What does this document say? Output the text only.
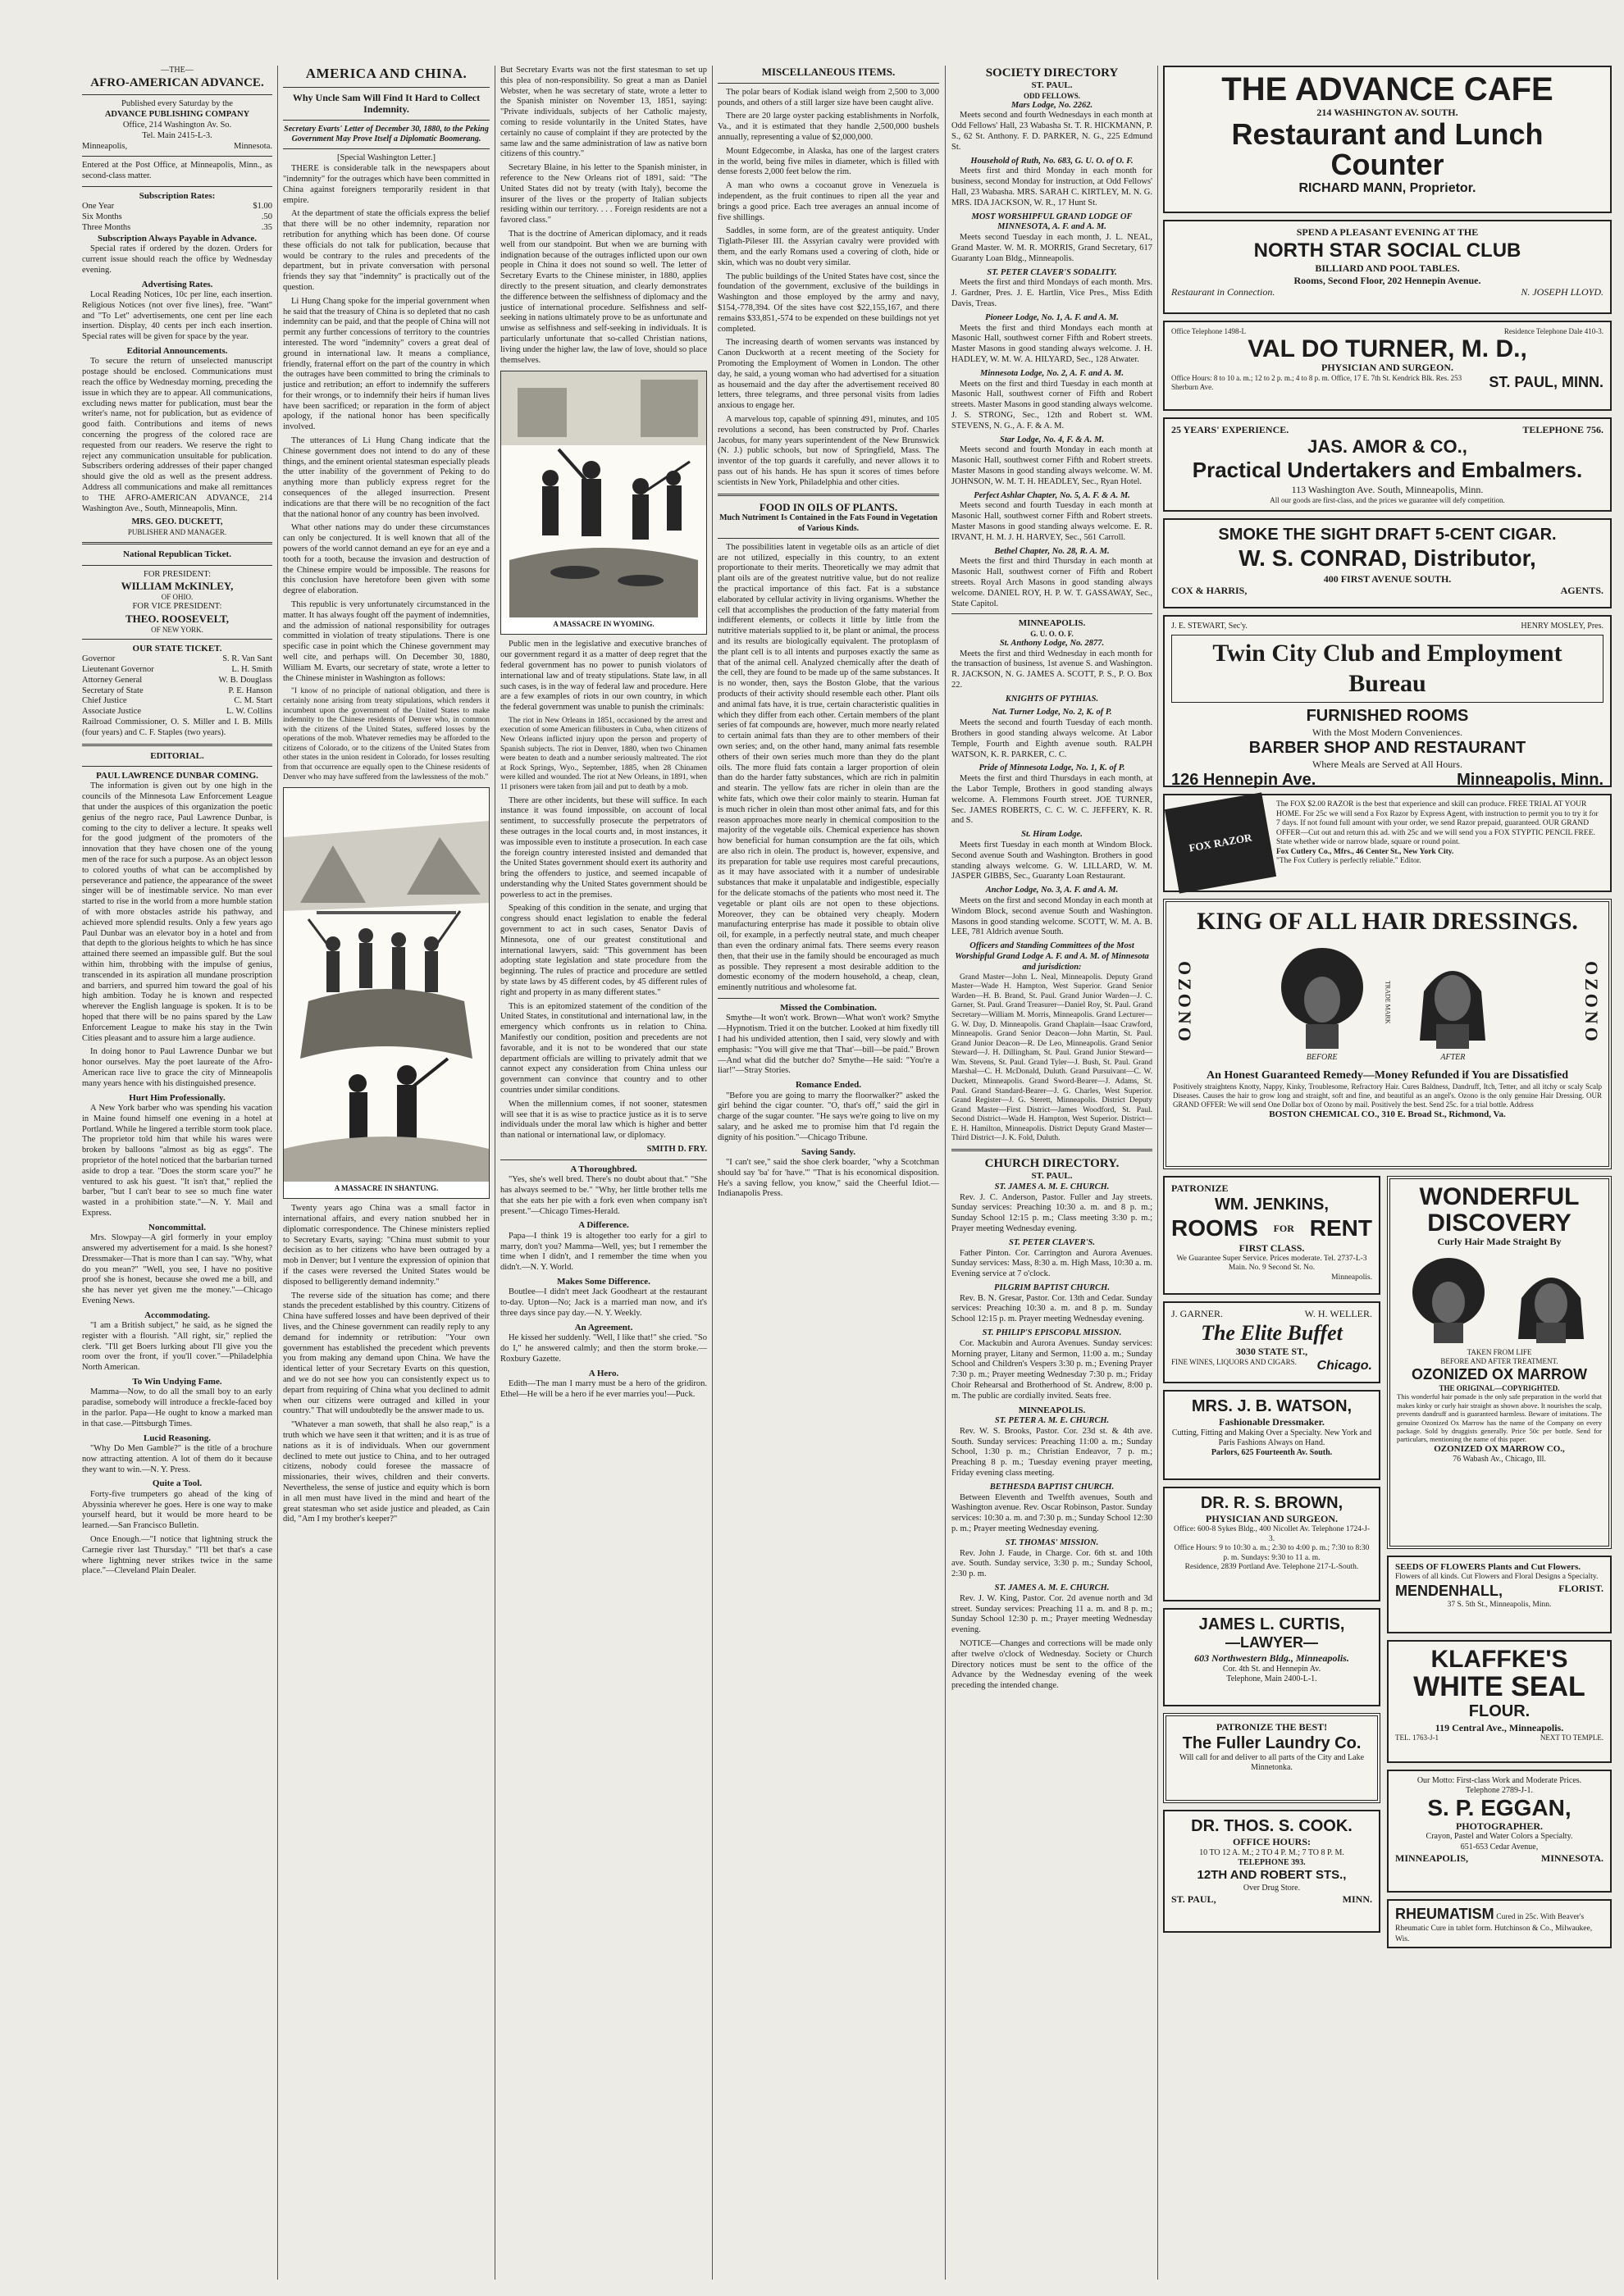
—THE—
AFRO-AMERICAN ADVANCE.
Published every Saturday by the
ADVANCE PUBLISHING COMPANY
Office, 214 Washington Av. So.
Tel. Main 2415-L-3.
Minneapolis,	Minnesota.

Entered at the Post Office, at Minneapolis, Minn., as second-class matter.

Subscription Rates:
One Year	$1.00
Six Months	.50
Three Months	.35
Subscription Always Payable in Advance.

Special rates if ordered by the dozen. Orders for current issue should reach the office by Wednesday evening.

Advertising Rates.

Local Reading Notices, 10c per line, each insertion. Religious Notices (not over five lines), free. "Want" and "To Let" advertisements, one cent per line each insertion. Display, 40 cents per inch each insertion. Special rates will be given for space by the year.

Editorial Announcements.

To secure the return of unselected manuscript postage should be enclosed. Communications must reach the office by Wednesday morning, preceding the issue in which they are to appear. All communications, excluding news matter for publication, must bear the writer's name, not for publication, but as evidence of good faith. Contributions and items of news concerning the progress of the colored race are requested from our readers. We reserve the right to reject any communication unsuitable for publication. Subscribers ordering addresses of their paper changed should give the old as well as the present address. Address all communications and make all remittances to THE AFRO-AMERICAN ADVANCE, 214 Washington Ave., South, Minneapolis, Minn.

MRS. GEO. DUCKETT,
PUBLISHER AND MANAGER.
National Republican Ticket.
FOR PRESIDENT:
WILLIAM McKINLEY,
OF OHIO.
FOR VICE PRESIDENT:
THEO. ROOSEVELT,
OF NEW YORK.
OUR STATE TICKET.
Governor	S. R. Van Sant
Lieutenant Governor	L. H. Smith
Attorney General	W. B. Douglass
Secretary of State	P. E. Hanson
Chief Justice	C. M. Start
Associate Justice	L. W. Collins

Railroad Commissioner, O. S. Miller and I. B. Mills (four years) and C. F. Staples (two years).

EDITORIAL.
PAUL LAWRENCE DUNBAR COMING.

The information is given out by one high in the councils of the Minnesota Law Enforcement League that under the auspices of this organization the poetic genius of the negro race, Paul Lawrence Dunbar, is coming to the city to deliver a lecture. It speaks well for the good judgment of the promoters of the innovation that they have chosen one of the young men of the race for such a purpose. As an object lesson to colored youths of what can be accomplished by perseverance and patience, the appearance of the sweet singer will be of inestimable service. No man ever started to rise in the world from a more humble station of with more obstacles astride his pathway, and achieved more splendid results. Only a few years ago Paul Dunbar was an elevator boy in a hotel and from that depth to the glorious heights to which he has since attained there seemed an impassible gulf. But the soul within him, throbbing with the impulse of genius, transcended in its aspiration all mundane proscription and barriers, and spurred him toward the goal of his high ambition. Today he is known and respected wherever the English language is spoken. It is to be hoped that there will be no pains spared by the Law Enforcement League to make his stay in the Twin Cities pleasant and to assure him a large audience.

In doing honor to Paul Lawrence Dunbar we but honor ourselves. May the poet laureate of the Afro-American race live to grace the city of Minneapolis many years hence with his distinguished presence.

Hurt Him Professionally.

A New York barber who was spending his vacation in Maine found himself one evening in a hotel at Portland. While he lingered a terrible storm took place. The proprietor told him that while his wares were broken by balloons "almost as big as eggs". The proprietor of the hotel noticed that the barbarian turned aside to drop a tear. "Does the storm scare you?" he ventured to ask his guest. "It isn't that," replied the barber, "but I can't bear to see so much fine water wasted in a prohibition state."—N. Y. Mail and Express.

Noncommittal.

Mrs. Slowpay—A girl formerly in your employ answered my advertisement for a maid. Is she honest? Dressmaker—That is more than I can say. "Why, what do you mean?" "Well, you see, I have no positive proof she is honest, because she owed me a bill, and she has never yet given me the money."—Chicago Evening News.

Accommodating.

"I am a British subject," he said, as he signed the register with a flourish. "All right, sir," replied the clerk. "I'll get Boers lurking about I'll give you the room over the front, if you'll cover."—Philadelphia North American.

To Win Undying Fame.

Mamma—Now, to do all the small boy to an early paradise, somebody will introduce a freckle-faced boy in the parlor. Papa—He ought to know a marked man in that case.—Pittsburgh Times.

Lucid Reasoning.

"Why Do Men Gamble?" is the title of a brochure now attracting attention. A lot of them do it because they want to win.—N. Y. Press.

Quite a Tool.

Forty-five trumpeters go ahead of the king of Abyssinia wherever he goes. Here is one way to make yourself heard, but it would be more heard to be learned.—San Francisco Bulletin.

Once Enough.—"I notice that lightning struck the Carnegie river last Thursday." "I'll bet that's a case where lightning never strikes twice in the same place."—Cleveland Plain Dealer.

AMERICA AND CHINA.
Why Uncle Sam Will Find It Hard to Collect Indemnity.
Secretary Evarts' Letter of December 30, 1880, to the Peking Government May Prove Itself a Diplomatic Boomerang.
[Special Washington Letter.]

THERE is considerable talk in the newspapers about "indemnity" for the outrages which have been committed in China against foreigners temporarily resident in that empire.

At the department of state the officials express the belief that there will be no other indemnity, reparation nor retribution for anything which has been done. Of course these officials do not talk for publication, because that would be contrary to the rules and precedents of the department, but in private conversation with personal friends they say that "indemnity" is practically out of the question.

Li Hung Chang spoke for the imperial government when he said that the treasury of China is so depleted that no cash indemnity can be paid, and that the people of China will not permit any further concessions of territory to the countries interested. The word "indemnity" covers a great deal of ground in international law. It means a compliance, friendly, fraternal effort on the part of the country in which the outrages have been committed to bring the criminals to justice and retribution; an effort to indemnify the sufferers for their wrongs, or to indemnify their heirs if human lives have been sacrificed; or reparation in the form of abject apology, if the national honor has been specifically involved.

The utterances of Li Hung Chang indicate that the Chinese government does not intend to do any of these things, and the eminent oriental statesman especially pleads the utter inability of the government of Peking to do anything more than publicly express regret for the consequences of the alleged insurrection. Present indications are that there will be no recognition of the fact that the national honor of any country has been involved.

What other nations may do under these circumstances can only be conjectured. It is well known that all of the powers of the world cannot demand an eye for an eye and a tooth for a tooth, because the invasion and destruction of the Chinese empire would be impossible. The reasons for this conclusion have heretofore been given with some degree of elaboration.

This republic is very unfortunately circumstanced in the matter. It has always fought off the payment of indemnities, and the admission of national responsibility for outrages committed in violation of treaty stipulations. There is one specific case in point which the Chinese government may well cite, and perhaps will. On December 30, 1880, William M. Evarts, our secretary of state, wrote a letter to the Chinese minister in Washington as follows:

"I know of no principle of national obligation, and there is certainly none arising from treaty stipulations, which renders it incumbent upon the government of the United States to make indemnity to the Chinese residents of Denver who, in common with the citizens of the United States, suffered losses by the operations of the mob. Whatever remedies may be afforded to the citizens of Colorado, or to the citizens of the United States from other states in the union resident in Colorado, for losses resulting from that occurrence are equally open to the Chinese residents of Denver who may have suffered from the lawlessness of the mob."

A MASSACRE IN SHANTUNG.

Twenty years ago China was a small factor in international affairs, and every nation snubbed her in diplomatic correspondence. The Chinese ministers replied to Secretary Evarts, saying: "China must submit to your decision as to her citizens who have been outraged by a mob in Denver; but I venture the expression of opinion that if the cases were reversed the United States would be disposed to belligerently demand indemnity."

The reverse side of the situation has come; and there stands the precedent established by this country. Citizens of China have suffered losses and have been deprived of their lives, and the Chinese government can readily reply to any demand for indemnity or retribution: "Your own government has established the precedent which prevents you from making any demand upon China. We have the identical letter of your Secretary Evarts on this question, and we do not see how you can consistently expect us to depart from requiring of China what you declined to admit when our citizens were outraged and killed in your country." That will undoubtedly be the answer made to us.

"Whatever a man soweth, that shall he also reap," is a truth which we have seen it that written; and it is as true of nations as it is of individuals. When our government declined to mete out justice to China, and to her outraged citizens, nobody could foresee the massacre of missionaries, their wives, children and their converts. Nevertheless, the sense of justice and equity which is born in all men must have lived in the mind and heart of the great statesman who set aside justice and pleaded, as Cain did, "Am I my brother's keeper?"

But Secretary Evarts was not the first statesman to set up this plea of non-responsibility. So great a man as Daniel Webster, when he was secretary of state, wrote a letter to the Spanish minister on November 13, 1851, saying: "Private individuals, subjects of her Catholic majesty, coming to reside voluntarily in the United States, have certainly no cause of complaint if they are protected by the same law and the same administration of law as native born citizens of this country."

Secretary Blaine, in his letter to the Spanish minister, in reference to the New Orleans riot of 1891, said: "The United States did not by treaty (with Italy), become the insurer of the lives or the property of Italian subjects residing within our territory. . . . Foreign residents are not a favored class."

That is the doctrine of American diplomacy, and it reads well from our standpoint. But when we are burning with indignation because of the outrages inflicted upon our own people in China it does not sound so well. The letter of Secretary Evarts to the Chinese minister, in 1880, applies directly to the present situation, and clearly demonstrates the difference between the selfishness of diplomacy and the justice of international procedure. Selfishness and self-seeking in nations ultimately prove to be as unfortunate and unwise as selfishness and self-seeking in individuals. It is particularly unfortunate that so-called Christian nations, living under the higher law, the law of love, should so place themselves.

A MASSACRE IN WYOMING.

Public men in the legislative and executive branches of our government regard it as a matter of deep regret that the federal government has no power to punish violators of international law and of treaty stipulations. State law, in all such cases, is in the way of federal law and procedure. Here are a few examples of riots in our own country, in which the federal government was unable to punish the criminals:

The riot in New Orleans in 1851, occasioned by the arrest and execution of some American filibusters in Cuba, when citizens of New Orleans inflicted injury upon the person and property of Spanish subjects. The riot in Denver, 1880, when two Chinamen were beaten to death and a number seriously maltreated. The riot at Rock Springs, Wyo., September, 1885, when 28 Chinamen were killed and wounded. The riot at New Orleans, in 1891, when 11 prisoners were taken from jail and put to death by a mob.

There are other incidents, but these will suffice. In each instance it was found impossible, on account of local sentiment, to successfully prosecute the perpetrators of these outrages in the local courts and, in most instances, it was impossible even to institute a prosecution. In each case the foreign country interested insisted and demanded that the United States government should exert its authority and bring the offenders to justice, and seemed incapable of understanding why the United States government should be powerless to act in the premises.

Speaking of this condition in the senate, and urging that congress should enact legislation to enable the federal government to act in such cases, Senator Davis of Minnesota, one of our greatest constitutional and international lawyers, said: "This government has been adopting state legislation and state procedure from the beginning. The rules of practice and procedure are settled by state laws by 45 different codes, by 45 different rules of right and property in as many different states."

This is an epitomized statement of the condition of the United States, in constitutional and international law, in the emergency which confronts us in relation to China. Manifestly our condition, position and precedents are not favorable, and it is not to be wondered that our state department officials are willing to privately admit that we cannot expect any consideration from China unless our government can convince that country and to other countries under similar conditions.

When the millennium comes, if not sooner, statesmen will see that it is as wise to practice justice as it is to serve individuals under the moral law which is higher and better than national or international law, or diplomacy.

SMITH D. FRY.
A Thoroughbred.

"Yes, she's well bred. There's no doubt about that." "She has always seemed to be." "Why, her little brother tells me that she eats her pie with a fork even when company isn't present."—Chicago Times-Herald.

A Difference.

Papa—I think 19 is altogether too early for a girl to marry, don't you? Mamma—Well, yes; but I remember the time when I didn't, and I remember the time when you didn't.—N. Y. World.

Makes Some Difference.

Boutlee—I didn't meet Jack Goodheart at the restaurant to-day. Upton—No; Jack is a married man now, and it's three days since pay day.—N. Y. Weekly.

An Agreement.

He kissed her suddenly. "Well, I like that!" she cried. "So do I," he answered calmly; and then the storm broke.—Roxbury Gazette.

A Hero.

Edith—The man I marry must be a hero of the gridiron. Ethel—He will be a hero if he ever marries you!—Puck.

MISCELLANEOUS ITEMS.

The polar bears of Kodiak island weigh from 2,500 to 3,000 pounds, and others of a still larger size have been caught alive.

There are 20 large oyster packing establishments in Norfolk, Va., and it is estimated that they handle 2,500,000 bushels annually, representing a value of $2,000,000.

Mount Edgecombe, in Alaska, has one of the largest craters in the world, being five miles in diameter, which is filled with dense forests 2,000 feet below the rim.

A man who owns a cocoanut grove in Venezuela is independent, as the fruit continues to ripen all the year and brings a good price. Each tree averages an annual income of five shillings.

Saddles, in some form, are of the greatest antiquity. Under Tiglath-Pileser III. the Assyrian cavalry were provided with them, and the early Romans used a covering of cloth, hide or skin, which was no doubt very similar.

The public buildings of the United States have cost, since the foundation of the government, exclusive of the buildings in Washington and those employed by the army and navy, $154,-778,394. Of the sites have cost $22,155,167, and there remains $33,851,-574 to be expended on these buildings not yet completed.

The increasing dearth of women servants was instanced by Canon Duckworth at a recent meeting of the Society for Promoting the Employment of Women in London. The other day, he said, a young woman who had advertised for a situation as housemaid and the day after the advertisement received 80 letters, three telegrams, and three personal visits from ladies anxious to engage her.

A marvelous top, capable of spinning 491, minutes, and 105 revolutions a second, has been constructed by Prof. Charles Jacobus, for many years superintendent of the New Brunswick (N. J.) public schools, but now of Springfield, Mass. The inventor of the top guards it carefully, and never allows it to pass out of his hands. He has spun it scores of times before scientists in New York, Philadelphia and other cities.

FOOD IN OILS OF PLANTS.
Much Nutriment Is Contained in the Fats Found in Vegetation of Various Kinds.

The possibilities latent in vegetable oils as an article of diet are not utilized, especially in this country, to an extent proportionate to their merits. Theoretically we may admit that plant oils are of the greatest nutritive value, but do not realize the practical importance of this fact. Fat is a substance elaborated by cellular activity in living organisms. Whether the cell that accomplishes the production of the fatty material from indifferent elements, or collects it little by little from the nutritive materials supplied to it, be plant or animal, the process and its results are biologically equivalent. The protoplasm of the plant cell is to all intents and purposes exactly the same as that of the animal cell. Analyzed chemically after the death of the cell, they are found to be made up of the same substances. It is no wonder, then, says the Boston Globe, that the various products of their activity should resemble each other. Plant oils and animal fats have, it is true, certain characteristic qualities in which they differ from each other. Certain members of the plant series of fat compounds are, however, much more nearly related to certain animal fats than they are to other members of their own series; and, on the other hand, many animal fats resemble others of their own series much more than they do the plant oils. The more fluid fats contain a larger proportion of olein than do the harder fatty substances, which are rich in palmitin and stearin. The yellow fats are richer in olein than are the white fats, which owe their color mainly to stearin. Human fat is much richer in olein than most other animal fats, and for this reason approaches more nearly in chemical composition to the majority of the vegetable oils. Chemical experience has shown how beneficial for human consumption are the fat oils, which are also rich in olein. The product is, however, expensive, and its preparation for table use requires most careful precautions, as it may have associated with it a number of undesirable substances that make it unpalatable and indigestible, especially for the delicate stomachs of the patients who most need it. The vegetable or plant oils are not open to these objections. Moreover, they can be obtained very cheaply. Modern manufacturing enterprise has made it possible to obtain olive oil, for example, in a perfectly neutral state, and much cheaper than even the ordinary animal fats. There seems every reason then, that their use in the family should be encouraged as much as possible. They represent a most desirable addition to the domestic economy of the modern household, a cheap, clean, eminently nutritious and wholesome fat.

Missed the Combination.

Smythe—It won't work. Brown—What won't work? Smythe—Hypnotism. Tried it on the butcher. Looked at him fixedly till I had his undivided attention, then I said, very slowly and with emphasis: "You will give me that 'That'—bill—be paid." Brown—And what did the butcher do? Smythe—He said: "You're a liar!"—Stray Stories.

Romance Ended.

"Before you are going to marry the floorwalker?" asked the girl behind the cigar counter. "O, that's off," said the girl in charge of the sugar counter. "He says we're going to live on my salary, and he asked me to promise him that I'd regain the dignity of his position."—Chicago Tribune.

Saving Sandy.

"I can't see," said the shoe clerk boarder, "why a Scotchman should say 'ba' for 'have.'" "That is his economical disposition. He's a saving fellow, you know," said the Cheerful Idiot.—Indianapolis Press.

SOCIETY DIRECTORY
ST. PAUL.
ODD FELLOWS.
Mars Lodge, No. 2262.

Meets second and fourth Wednesdays in each month at Odd Fellows' Hall, 23 Wabasha St. T. R. HICKMANN, P. S., 62 St. Anthony. F. D. PARKER, N. G., 225 Edmund St.

Household of Ruth, No. 683, G. U. O. of O. F.

Meets first and third Monday in each month for business, second Monday for instruction, at Odd Fellows' Hall, 23 Wabasha. MRS. SARAH C. KIRTLEY, M. N. G. MRS. IDA JACKSON, W. R., 17 Hunt St.

MOST WORSHIPFUL GRAND LODGE OF MINNESOTA, A. F. and A. M.

Meets second Tuesday in each month, J. L. NEAL, Grand Master. W. M. R. MORRIS, Grand Secretary, 617 Guaranty Loan Bldg., Minneapolis.

ST. PETER CLAVER'S SODALITY.

Meets the first and third Mondays of each month. Mrs. J. Gardner, Pres. J. E. Hartlin, Vice Pres., Miss Edith Davis, Treas.

Pioneer Lodge, No. 1, A. F. and A. M.

Meets the first and third Mondays each month at Masonic Hall, southwest corner Fifth and Robert streets. Master Masons in good standing always welcome. J. H. HADLEY, W. M. W. A. HILYARD, Sec., 128 Atwater.

Minnesota Lodge, No. 2, A. F. and A. M.

Meets on the first and third Tuesday in each month at Masonic Hall, southwest corner of Fifth and Robert streets. Master Masons in good standing always welcome. J. S. STRONG, Sec., 12th and Robert st. WM. STEVENS, N. G., A. F. & A. M.

Star Lodge, No. 4, F. & A. M.

Meets second and fourth Monday in each month at Masonic Hall, southwest corner Fifth and Robert streets. Master Masons in good standing always welcome. W. M. JOHNSON, W. M. T. H. HEADLEY, Sec., Ryan Hotel.

Perfect Ashlar Chapter, No. 5, A. F. & A. M.

Meets second and fourth Tuesday in each month at Masonic Hall, southwest corner Fifth and Robert streets. Master Masons in good standing always welcome. E. R. IRVANT, H. M. J. H. HARVEY, Sec., 561 Carroll.

Bethel Chapter, No. 28, R. A. M.

Meets the first and third Thursday in each month at Masonic Hall, southwest corner of Fifth and Robert streets. Royal Arch Masons in good standing always welcome. DANIEL ROY, H. P. W. T. GASSAWAY, Sec., State Capitol.

MINNEAPOLIS.
G. U. O. O. F.
St. Anthony Lodge, No. 2877.

Meets the first and third Wednesday in each month for the transaction of business, 1st avenue S. and Washington. R. JACKSON, N. G. JAMES A. SCOTT, P. S., P. O. Box 22.

KNIGHTS OF PYTHIAS.

Nat. Turner Lodge, No. 2, K. of P.

Meets the second and fourth Tuesday of each month. Brothers in good standing always welcome. At Labor Temple, Fourth and Eighth avenue south. RALPH WATSON, K. R. PARKER, C. C.

Pride of Minnesota Lodge, No. 1, K. of P.

Meets the first and third Thursdays in each month, at the Labor Temple, Brothers in good standing always welcome. A. Flemmons Fourth street. JOE TURNER, Sec. JAMES ROBERTS, C. C. W. C. JEFFERY, K. R. and S.

St. Hiram Lodge.

Meets first Tuesday in each month at Windom Block. Second avenue South and Washington. Brothers in good standing always welcome. G. W. LILLARD, W. M. JASPER GIBBS, Sec., Guaranty Loan Restaurant.

Anchor Lodge, No. 3, A. F. and A. M.

Meets on the first and second Monday in each month at Windom Block, second avenue South and Washington. Masons in good standing welcome. SCOTT, W. M. A. B. LEE, 781 Aldrich avenue South.

Officers and Standing Committees of the Most Worshipful Grand Lodge A. F. and A. M. of Minnesota and jurisdiction:

Grand Master—John L. Neal, Minneapolis. Deputy Grand Master—Wade H. Hampton, West Superior. Grand Senior Warden—H. B. Brand, St. Paul. Grand Junior Warden—J. C. Garner, St. Paul. Grand Treasurer—Daniel Roy, St. Paul. Grand Secretary—William M. Morris, Minneapolis. Grand Lecturer—G. W. Day, D. Minneapolis. Grand Chaplain—Isaac Crawford, Minneapolis. Grand Senior Deacon—John Martin, St. Paul. Grand Junior Deacon—R. De Leo, Minneapolis. Grand Senior Steward—J. H. Dillingham, St. Paul. Grand Junior Steward—Wm. Stevens, St. Paul. Grand Tyler—J. Bush, St. Paul. Grand Marshal—C. H. McDonald, Duluth. Grand Pursuivant—C. W. Duckett, Minneapolis. Grand Sword-Bearer—J. Adams, St. Paul. Grand Standard-Bearer—J. G. Charles, West Superior. Grand Register—J. G. Sterett, Minneapolis. District Deputy Grand Master—First District—James Woodford, St. Paul. Second District—Wade H. Hampton, West Superior. District—E. H. Hamilton, Minneapolis. District Deputy Grand Master—Third District—J. K. Fold, Duluth.

CHURCH DIRECTORY.
ST. PAUL.
ST. JAMES A. M. E. CHURCH.

Rev. J. C. Anderson, Pastor. Fuller and Jay streets. Sunday services: Preaching 10:30 a. m. and 8 p. m.; Sunday School 12:15 p. m.; Class meeting 3:30 p. m.; Prayer meeting Wednesday evening.

ST. PETER CLAVER'S.

Father Pinton. Cor. Carrington and Aurora Avenues. Sunday services: Mass, 8:30 a. m. High Mass, 10:30 a. m. Evening service at 7 o'clock.

PILGRIM BAPTIST CHURCH.

Rev. B. N. Gresar, Pastor. Cor. 13th and Cedar. Sunday services: Preaching 10:30 a. m. and 8 p. m. Sunday School 12:15 p. m. Prayer meeting Wednesday evening.

ST. PHILIP'S EPISCOPAL MISSION.

Cor. Mackubin and Aurora Avenues. Sunday services: Morning prayer, Litany and Sermon, 11:00 a. m.; Sunday School and Children's Vespers 3:30 p. m.; Evening Prayer 7:30 p. m.; Prayer meeting Wednesday 7:30 p. m.; Friday Choir Rehearsal and Brotherhood of St. Andrew, 8:00 p. m. The public are cordially invited. Seats free.

MINNEAPOLIS.
ST. PETER A. M. E. CHURCH.

Rev. W. S. Brooks, Pastor. Cor. 23d st. & 4th ave. South. Sunday services: Preaching 11:00 a. m.; Sunday School, 1:30 p. m.; Christian Endeavor, 7 p. m.; Preaching 8 p. m.; Tuesday evening prayer meeting, Friday evening class meeting.

BETHESDA BAPTIST CHURCH.

Between Eleventh and Twelfth avenues, South and Washington avenue. Rev. Oscar Robinson, Pastor. Sunday services: 10:30 a. m. and 7:30 p. m.; Sunday School 12:30 p. m.; Prayer meeting Wednesday evening.

ST. THOMAS' MISSION.

Rev. John J. Faude, in Charge. Cor. 6th st. and 10th ave. South. Sunday service, 3:30 p. m.; Sunday School, 2:30 p. m.

ST. JAMES A. M. E. CHURCH.

Rev. J. W. King, Pastor. Cor. 2d avenue north and 3d street. Sunday services: Preaching 11 a. m. and 8 p. m.; Sunday School 12:30 p. m.; Prayer meeting Wednesday evening.

NOTICE—Changes and corrections will be made only after twelve o'clock of Wednesday. Society or Church Directory notices must be sent to the office of the Advance by the Wednesday evening of the week preceding the intended change.

THE ADVANCE CAFE
214 WASHINGTON AV. SOUTH.
Restaurant and Lunch Counter
RICHARD MANN, Proprietor.
SPEND A PLEASANT EVENING AT THE
NORTH STAR SOCIAL CLUB
BILLIARD AND POOL TABLES.
Rooms, Second Floor, 202 Hennepin Avenue.
Restaurant in Connection.	N. JOSEPH LLOYD.
Office Telephone 1498-L	Residence Telephone Dale 410-3.
VAL DO TURNER, M. D.,
PHYSICIAN AND SURGEON.
Office Hours: 8 to 10 a. m.; 12 to 2 p. m.; 4 to 8 p. m. Office, 17 E. 7th St. Kendrick Blk. Res. 253 Sherburn Ave.	ST. PAUL, MINN.
25 YEARS' EXPERIENCE.	TELEPHONE 756.
JAS. AMOR & CO.,
Practical Undertakers and Embalmers.
113 Washington Ave. South, Minneapolis, Minn.
All our goods are first-class, and the prices we guarantee will defy competition.
SMOKE THE SIGHT DRAFT 5-CENT CIGAR.
W. S. CONRAD, Distributor,
400 FIRST AVENUE SOUTH.
COX & HARRIS,	AGENTS.
J. E. STEWART, Sec'y.	HENRY MOSLEY, Pres.
Twin City Club and Employment Bureau
FURNISHED ROOMS
With the Most Modern Conveniences.
BARBER SHOP AND RESTAURANT
Where Meals are Served at All Hours.
126 Hennepin Ave.	Minneapolis, Minn.
FOX RAZOR
The FOX $2.00 RAZOR is the best that experience and skill can produce. FREE TRIAL AT YOUR HOME. For 25c we will send a Fox Razor by Express Agent, with instruction to permit you to try it for 7 days. If not found full amount with your order, we send Razor prepaid, guaranteed. OUR GRAND OFFER—Cut out and return this ad. with 25c and we will send you a FOX STYPTIC PENCIL FREE. State whether wide or narrow blade, square or round point.
Fox Cutlery Co., Mfrs., 46 Center St., New York City.
"The Fox Cutlery is perfectly reliable." Editor.
KING OF ALL HAIR DRESSINGS.
OZONO
BEFORE
TRADE MARK
AFTER
OZONO
An Honest Guaranteed Remedy—Money Refunded if You are Dissatisfied
Positively straightens Knotty, Nappy, Kinky, Troublesome, Refractory Hair. Cures Baldness, Dandruff, Itch, Tetter, and all itchy or scaly Scalp Diseases. Causes the hair to grow long and straight, soft and fine, and beautiful as an angel's. Ozono is the only genuine Hair Dressing. OUR GRAND OFFER: We will send One Dollar box of Ozono by mail. Positively the best. Send 25c. for a trial bottle. Address
BOSTON CHEMICAL CO., 310 E. Broad St., Richmond, Va.
PATRONIZE
WM. JENKINS,
ROOMS FOR RENT
FIRST CLASS.
We Guarantee Super Service. Prices moderate. Tel. 2737-L-3 Main. No. 9 Second St. No.
Minneapolis.
J. GARNER.	W. H. WELLER.
The Elite Buffet
3030 STATE ST.,
FINE WINES, LIQUORS AND CIGARS. Chicago.
MRS. J. B. WATSON,
Fashionable Dressmaker.
Cutting, Fitting and Making Over a Specialty. New York and Paris Fashions Always on Hand.
Parlors, 625 Fourteenth Av. South.
DR. R. S. BROWN,
PHYSICIAN AND SURGEON.
Office: 600-8 Sykes Bldg., 400 Nicollet Av. Telephone 1724-J-3.
Office Hours: 9 to 10:30 a. m.; 2:30 to 4:00 p. m.; 7:30 to 8:30 p. m. Sundays: 9:30 to 11 a. m.
Residence, 2839 Portland Ave. Telephone 217-L-South.
JAMES L. CURTIS,
—LAWYER—
603 Northwestern Bldg., Minneapolis.
Cor. 4th St. and Hennepin Av.
Telephone, Main 2400-L-1.
PATRONIZE THE BEST!
The Fuller Laundry Co.
Will call for and deliver to all parts of the City and Lake Minnetonka.
DR. THOS. S. COOK.
OFFICE HOURS:
10 TO 12 A. M.; 2 TO 4 P. M.; 7 TO 8 P. M.
TELEPHONE 393.
12TH AND ROBERT STS.,
Over Drug Store.
ST. PAUL,	MINN.
WONDERFUL
DISCOVERY
Curly Hair Made Straight By
TAKEN FROM LIFE
BEFORE AND AFTER TREATMENT.
OZONIZED OX MARROW
THE ORIGINAL—COPYRIGHTED.
This wonderful hair pomade is the only safe preparation in the world that makes kinky or curly hair straight as shown above. It nourishes the scalp, prevents dandruff and is guaranteed harmless. Beware of imitations. The genuine Ozonized Ox Marrow has the name of the Company on every package. Sold by druggists generally. Price 50c per bottle. Send for particulars, mentioning the name of this paper.
OZONIZED OX MARROW CO.,
76 Wabash Av., Chicago, Ill.
SEEDS OF FLOWERS Plants and Cut Flowers.
Flowers of all kinds. Cut Flowers and Floral Designs a Specialty.
MENDENHALL,	FLORIST.
37 S. 5th St., Minneapolis, Minn.
KLAFFKE'S
WHITE SEAL
FLOUR.
119 Central Ave., Minneapolis.
TEL. 1763-J-1	NEXT TO TEMPLE.
Our Motto: First-class Work and Moderate Prices.
Telephone 2789-J-1.
S. P. EGGAN,
PHOTOGRAPHER.
Crayon, Pastel and Water Colors a Specialty.
651-653 Cedar Avenue,
MINNEAPOLIS,	MINNESOTA.
RHEUMATISM Cured in 25c. With Beaver's Rheumatic Cure in tablet form. Hutchinson & Co., Milwaukee, Wis.
